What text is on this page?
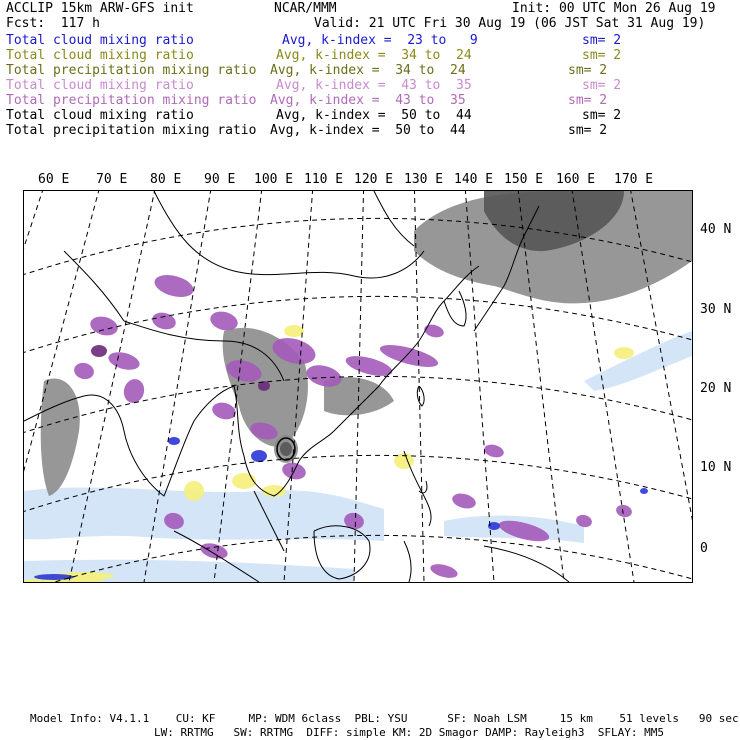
ACCLIP 15km ARW-GFS init	NCAR/MMM	Init: 00 UTC Mon 26 Aug 19
Fcst:  117 h	Valid: 21 UTC Fri 30 Aug 19 (06 JST Sat 31 Aug 19)
Total cloud mixing ratio	Avg, k-index =  23 to   9	sm= 2
Total cloud mixing ratio	Avg, k-index =  34 to  24	sm= 2
Total precipitation mixing ratio Avg, k-index =  34 to  24	sm= 2
Total cloud mixing ratio	Avg, k-index =  43 to  35	sm= 2
Total precipitation mixing ratio Avg, k-index =  43 to  35	sm= 2
Total cloud mixing ratio	Avg, k-index =  50 to  44	sm= 2
Total precipitation mixing ratio Avg, k-index =  50 to  44	sm= 2
60 E 70 E 80 E 90 E 100 E 110 E 120 E 130 E 140 E 150 E 160 E 170 E
40 N
30 N
20 N
10 N
0
Model Info: V4.1.1    CU: KF     MP: WDM 6class  PBL: YSU      SF: Noah LSM     15 km    51 levels   90 sec
LW: RRTMG   SW: RRTMG  DIFF: simple KM: 2D Smagor DAMP: Rayleigh3  SFLAY: MM5
